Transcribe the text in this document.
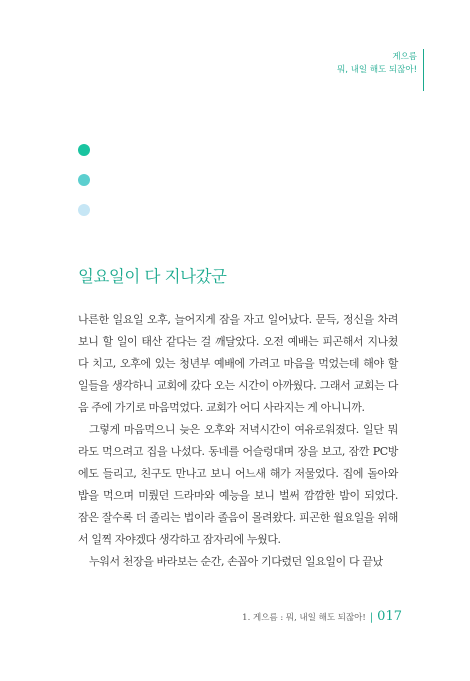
게으름
뭐, 내일 해도 되잖아!
일요일이 다 지나갔군

나른한 일요일 오후, 늘어지게 잠을 자고 일어났다. 문득, 정신을 차려 보니 할 일이 태산 같다는 걸 깨달았다. 오전 예배는 피곤해서 지나쳤다 치고, 오후에 있는 청년부 예배에 가려고 마음을 먹었는데 해야 할 일들을 생각하니 교회에 갔다 오는 시간이 아까웠다. 그래서 교회는 다음 주에 가기로 마음먹었다. 교회가 어디 사라지는 게 아니니까.

그렇게 마음먹으니 늦은 오후와 저녁시간이 여유로워졌다. 일단 뭐라도 먹으려고 집을 나섰다. 동네를 어슬렁대며 장을 보고, 잠깐 PC방에도 들리고, 친구도 만나고 보니 어느새 해가 저물었다. 집에 돌아와 밥을 먹으며 미뤘던 드라마와 예능을 보니 벌써 깜깜한 밤이 되었다. 잠은 잘수록 더 졸리는 법이라 졸음이 몰려왔다. 피곤한 월요일을 위해서 일찍 자야겠다 생각하고 잠자리에 누웠다.

누워서 천장을 바라보는 순간, 손꼽아 기다렸던 일요일이 다 끝났

1. 게으름 : 뭐, 내일 해도 되잖아! | 017
